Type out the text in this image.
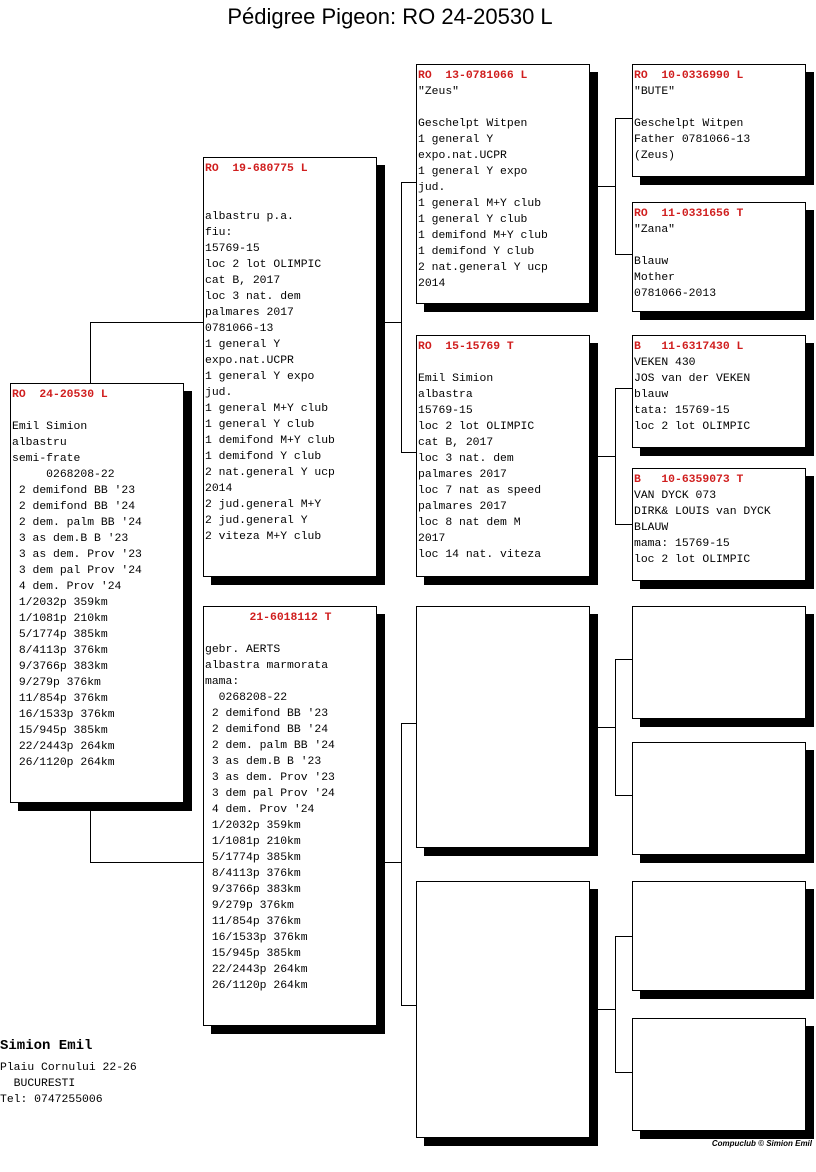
Pédigree Pigeon: RO 24-20530 L
RO  24-20530 L
Emil Simion
albastru
semi-frate
0268208-22
2 demifond BB '23
2 demifond BB '24
2 dem. palm BB '24
3 as dem.B B '23
3 as dem. Prov '23
3 dem pal Prov '24
4 dem. Prov '24
1/2032p 359km
1/1081p 210km
5/1774p 385km
8/4113p 376km
9/3766p 383km
9/279p 376km
11/854p 376km
16/1533p 376km
15/945p 385km
22/2443p 264km
26/1120p 264km
RO  19-680775 L
albastru p.a.
fiu:
15769-15
loc 2 lot OLIMPIC
cat B, 2017
loc 3 nat. dem
palmares 2017
0781066-13
1 general Y
expo.nat.UCPR
1 general Y expo
jud.
1 general M+Y club
1 general Y club
1 demifond M+Y club
1 demifond Y club
2 nat.general Y ucp
2014
2 jud.general M+Y
2 jud.general Y
2 viteza M+Y club
21-6018112 T
gebr. AERTS
albastra marmorata
mama:
0268208-22
2 demifond BB '23
2 demifond BB '24
2 dem. palm BB '24
3 as dem.B B '23
3 as dem. Prov '23
3 dem pal Prov '24
4 dem. Prov '24
1/2032p 359km
1/1081p 210km
5/1774p 385km
8/4113p 376km
9/3766p 383km
9/279p 376km
11/854p 376km
16/1533p 376km
15/945p 385km
22/2443p 264km
26/1120p 264km
RO  13-0781066 L
"Zeus"
Geschelpt Witpen
1 general Y
expo.nat.UCPR
1 general Y expo
jud.
1 general M+Y club
1 general Y club
1 demifond M+Y club
1 demifond Y club
2 nat.general Y ucp
2014
RO  15-15769 T
Emil Simion
albastra
15769-15
loc 2 lot OLIMPIC
cat B, 2017
loc 3 nat. dem
palmares 2017
loc 7 nat as speed
palmares 2017
loc 8 nat dem M
2017
loc 14 nat. viteza
RO  10-0336990 L
"BUTE"
Geschelpt Witpen
Father 0781066-13
(Zeus)
RO  11-0331656 T
"Zana"
Blauw
Mother
0781066-2013
B   11-6317430 L
VEKEN 430
JOS van der VEKEN
blauw
tata: 15769-15
loc 2 lot OLIMPIC
B   10-6359073 T
VAN DYCK 073
DIRK& LOUIS van DYCK
BLAUW
mama: 15769-15
loc 2 lot OLIMPIC
Simion Emil
Plaiu Cornului 22-26
BUCURESTI
Tel: 0747255006
Compuclub © Simion Emil
